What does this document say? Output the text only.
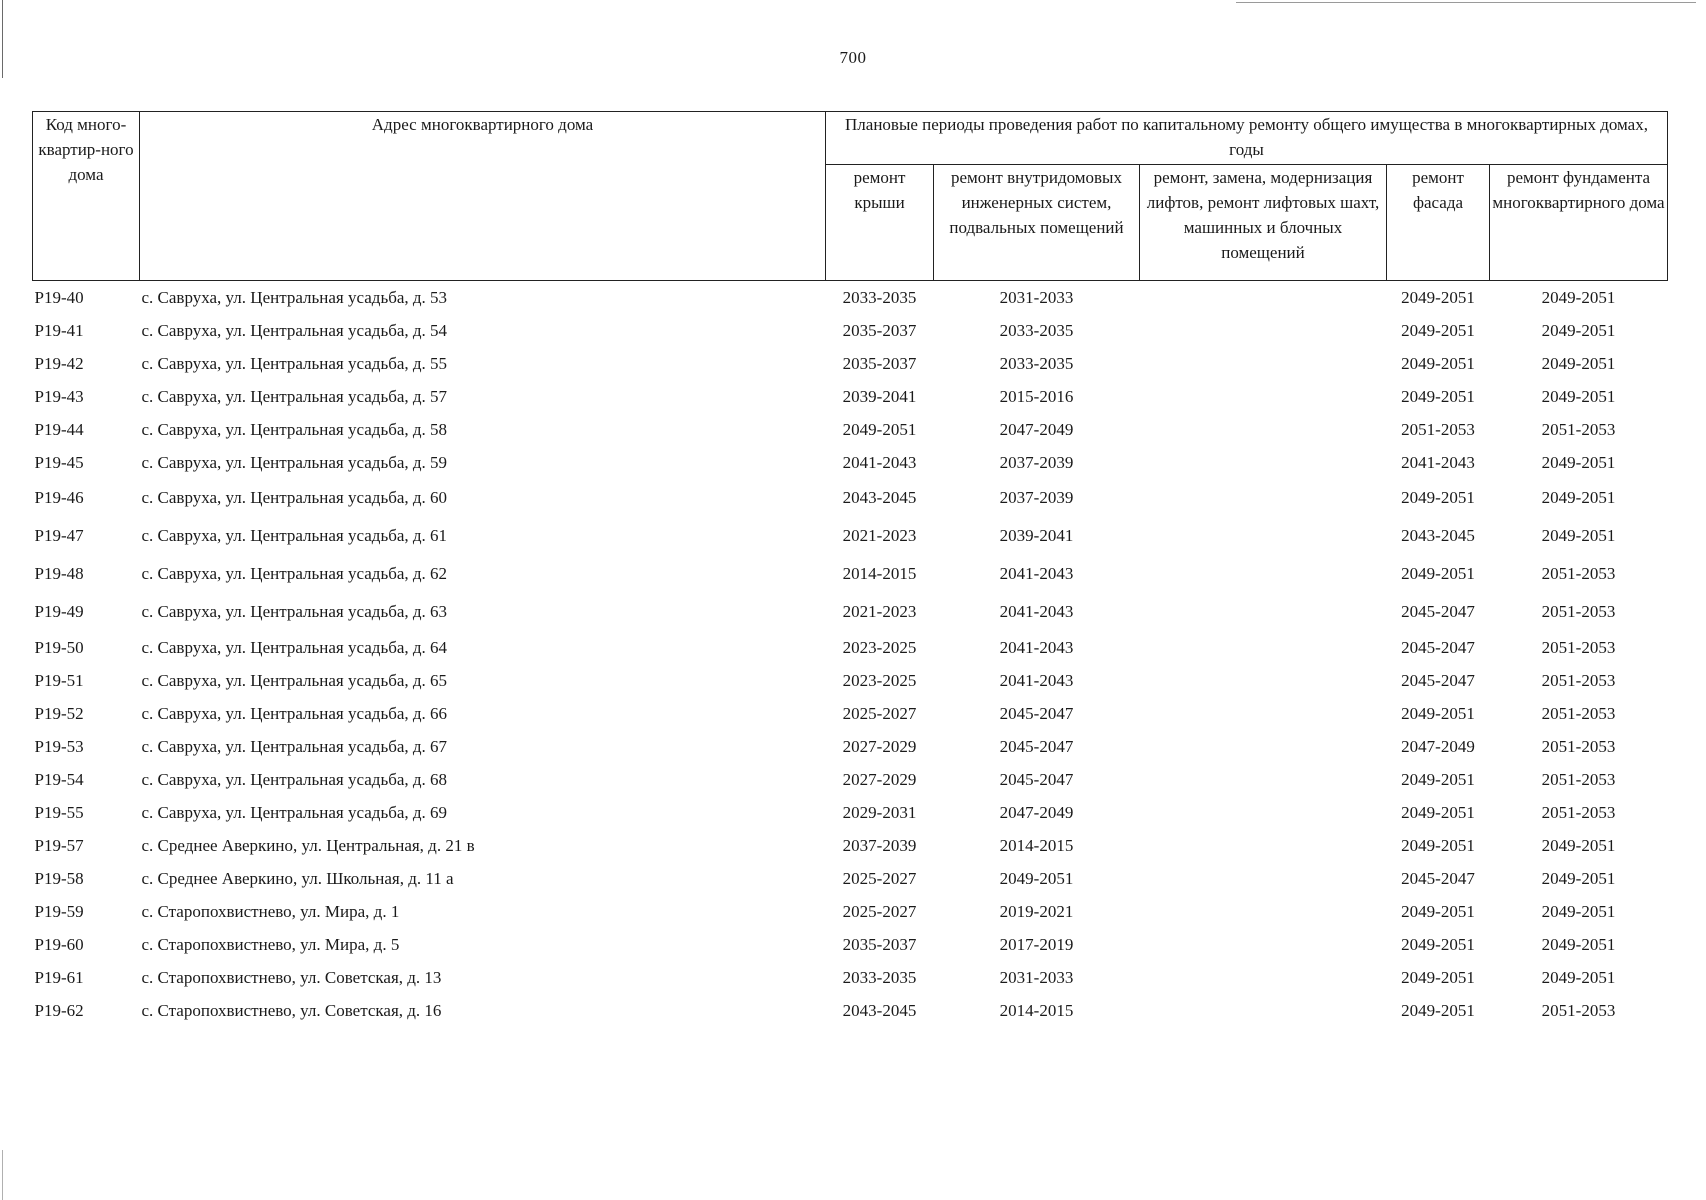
700
Код много-квартир-ного дома	Адрес многоквартирного дома	Плановые периоды проведения работ по капитальному ремонту общего имущества в многоквартирных домах, годы				
		ремонт крыши	ремонт внутридомовых инженерных систем, подвальных помещений	ремонт, замена, модернизация лифтов, ремонт лифтовых шахт, машинных и блочных помещений	ремонт фасада	ремонт фундамента многоквартирного дома
Р19-40	с. Савруха, ул. Центральная усадьба, д. 53	2033-2035	2031-2033		2049-2051	2049-2051
Р19-41	с. Савруха, ул. Центральная усадьба, д. 54	2035-2037	2033-2035		2049-2051	2049-2051
Р19-42	с. Савруха, ул. Центральная усадьба, д. 55	2035-2037	2033-2035		2049-2051	2049-2051
Р19-43	с. Савруха, ул. Центральная усадьба, д. 57	2039-2041	2015-2016		2049-2051	2049-2051
Р19-44	с. Савруха, ул. Центральная усадьба, д. 58	2049-2051	2047-2049		2051-2053	2051-2053
Р19-45	с. Савруха, ул. Центральная усадьба, д. 59	2041-2043	2037-2039		2041-2043	2049-2051
Р19-46	с. Савруха, ул. Центральная усадьба, д. 60	2043-2045	2037-2039		2049-2051	2049-2051
Р19-47	с. Савруха, ул. Центральная усадьба, д. 61	2021-2023	2039-2041		2043-2045	2049-2051
Р19-48	с. Савруха, ул. Центральная усадьба, д. 62	2014-2015	2041-2043		2049-2051	2051-2053
Р19-49	с. Савруха, ул. Центральная усадьба, д. 63	2021-2023	2041-2043		2045-2047	2051-2053
Р19-50	с. Савруха, ул. Центральная усадьба, д. 64	2023-2025	2041-2043		2045-2047	2051-2053
Р19-51	с. Савруха, ул. Центральная усадьба, д. 65	2023-2025	2041-2043		2045-2047	2051-2053
Р19-52	с. Савруха, ул. Центральная усадьба, д. 66	2025-2027	2045-2047		2049-2051	2051-2053
Р19-53	с. Савруха, ул. Центральная усадьба, д. 67	2027-2029	2045-2047		2047-2049	2051-2053
Р19-54	с. Савруха, ул. Центральная усадьба, д. 68	2027-2029	2045-2047		2049-2051	2051-2053
Р19-55	с. Савруха, ул. Центральная усадьба, д. 69	2029-2031	2047-2049		2049-2051	2051-2053
Р19-57	с. Среднее Аверкино, ул. Центральная, д. 21 в	2037-2039	2014-2015		2049-2051	2049-2051
Р19-58	с. Среднее Аверкино, ул. Школьная, д. 11 а	2025-2027	2049-2051		2045-2047	2049-2051
Р19-59	с. Старопохвистнево, ул. Мира, д. 1	2025-2027	2019-2021		2049-2051	2049-2051
Р19-60	с. Старопохвистнево, ул. Мира, д. 5	2035-2037	2017-2019		2049-2051	2049-2051
Р19-61	с. Старопохвистнево, ул. Советская, д. 13	2033-2035	2031-2033		2049-2051	2049-2051
Р19-62	с. Старопохвистнево, ул. Советская, д. 16	2043-2045	2014-2015		2049-2051	2051-2053
